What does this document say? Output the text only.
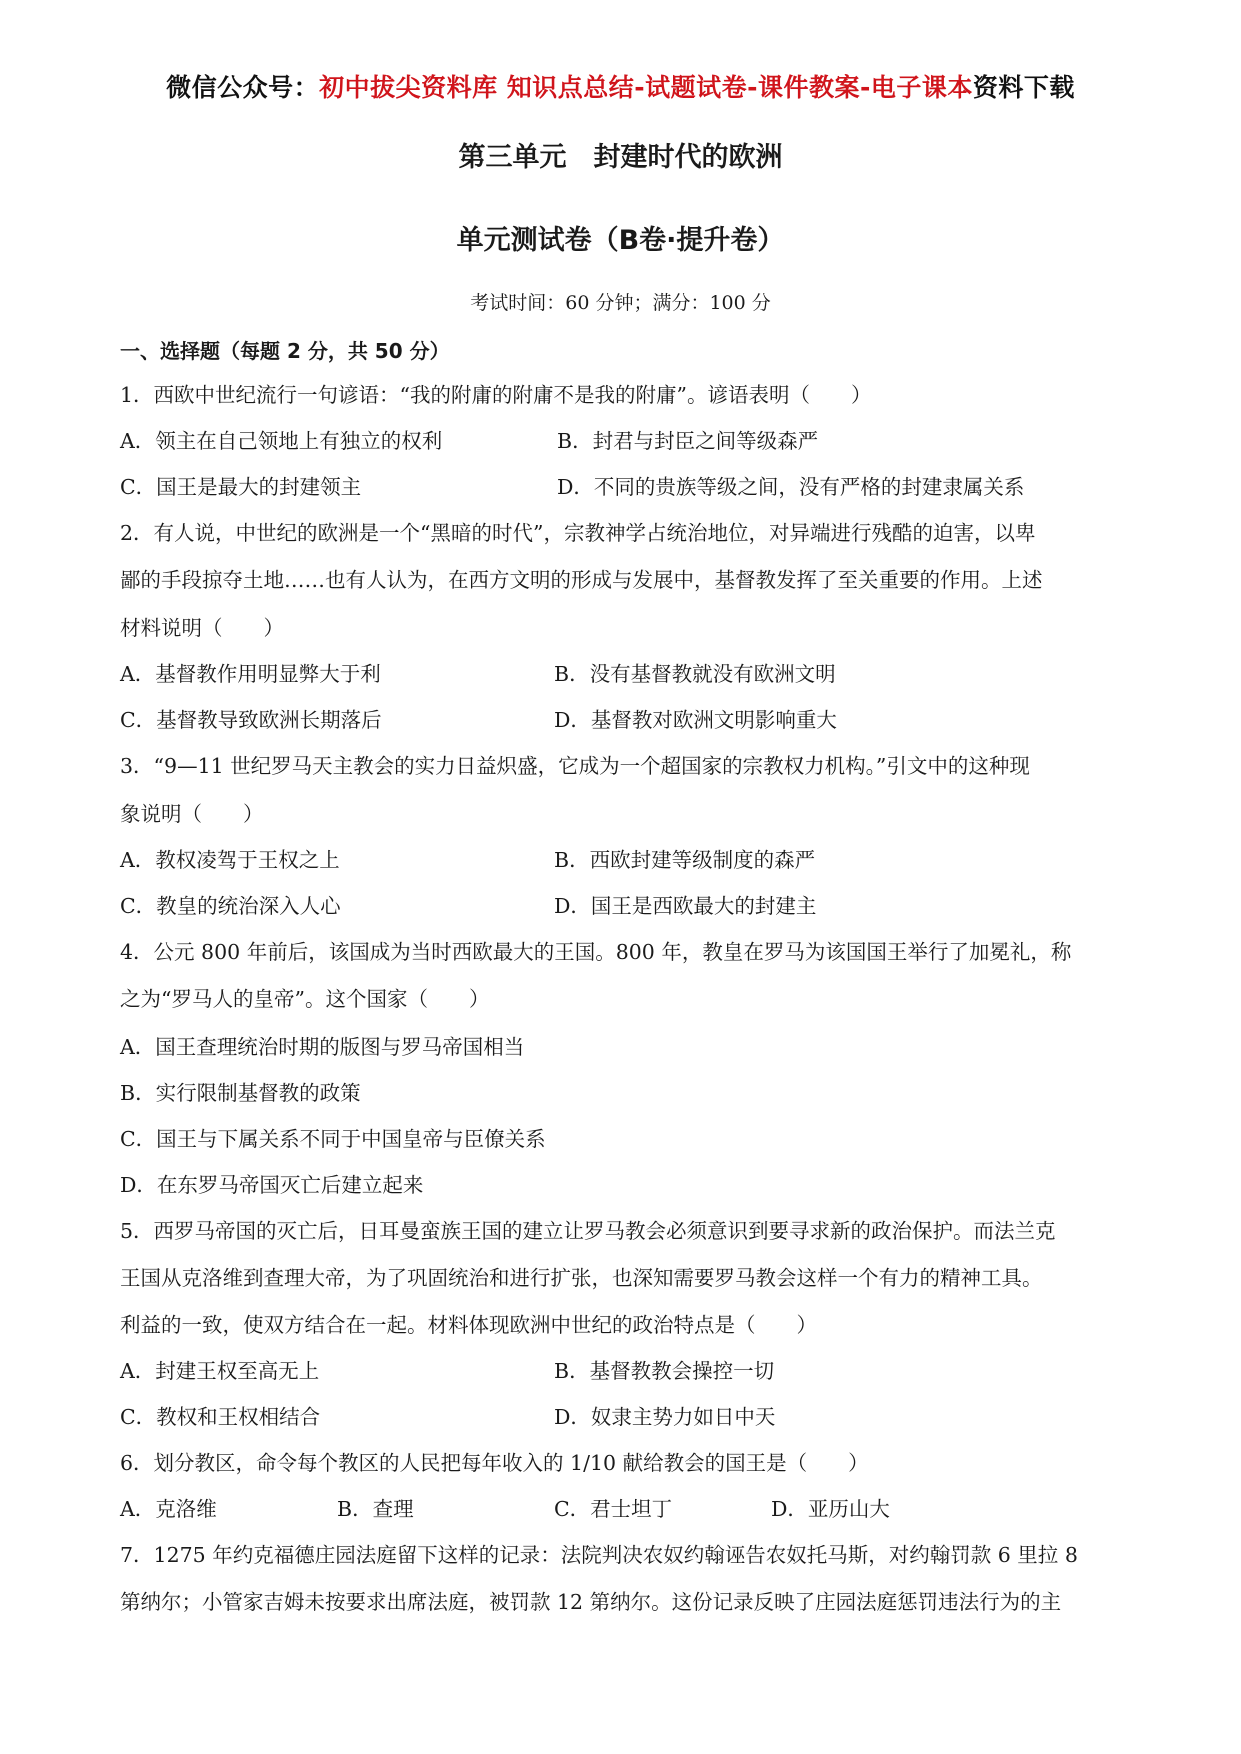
微信公众号：初中拔尖资料库 知识点总结-试题试卷-课件教案-电子课本资料下载
第三单元　封建时代的欧洲
单元测试卷（B卷·提升卷）
考试时间：60 分钟；满分：100 分
一、选择题（每题 2 分，共 50 分）
1．西欧中世纪流行一句谚语：“我的附庸的附庸不是我的附庸”。谚语表明（　　）
A．领主在自己领地上有独立的权利	B．封君与封臣之间等级森严
C．国王是最大的封建领主	D．不同的贵族等级之间，没有严格的封建隶属关系
2．有人说，中世纪的欧洲是一个“黑暗的时代”，宗教神学占统治地位，对异端进行残酷的迫害，以卑
鄙的手段掠夺土地……也有人认为，在西方文明的形成与发展中，基督教发挥了至关重要的作用。上述
材料说明（　　）
A．基督教作用明显弊大于利	B．没有基督教就没有欧洲文明
C．基督教导致欧洲长期落后	D．基督教对欧洲文明影响重大
3．“9—11 世纪罗马天主教会的实力日益炽盛，它成为一个超国家的宗教权力机构。”引文中的这种现
象说明（　　）
A．教权凌驾于王权之上	B．西欧封建等级制度的森严
C．教皇的统治深入人心	D．国王是西欧最大的封建主
4．公元 800 年前后，该国成为当时西欧最大的王国。800 年，教皇在罗马为该国国王举行了加冕礼，称
之为“罗马人的皇帝”。这个国家（　　）
A．国王查理统治时期的版图与罗马帝国相当
B．实行限制基督教的政策
C．国王与下属关系不同于中国皇帝与臣僚关系
D．在东罗马帝国灭亡后建立起来
5．西罗马帝国的灭亡后，日耳曼蛮族王国的建立让罗马教会必须意识到要寻求新的政治保护。而法兰克
王国从克洛维到查理大帝，为了巩固统治和进行扩张，也深知需要罗马教会这样一个有力的精神工具。
利益的一致，使双方结合在一起。材料体现欧洲中世纪的政治特点是（　　）
A．封建王权至高无上	B．基督教教会操控一切
C．教权和王权相结合	D．奴隶主势力如日中天
6．划分教区，命令每个教区的人民把每年收入的 1/10 献给教会的国王是（　　）
A．克洛维	B．查理	C．君士坦丁	D．亚历山大
7．1275 年约克福德庄园法庭留下这样的记录：法院判决农奴约翰诬告农奴托马斯，对约翰罚款 6 里拉 8
第纳尔；小管家吉姆未按要求出席法庭，被罚款 12 第纳尔。这份记录反映了庄园法庭惩罚违法行为的主
